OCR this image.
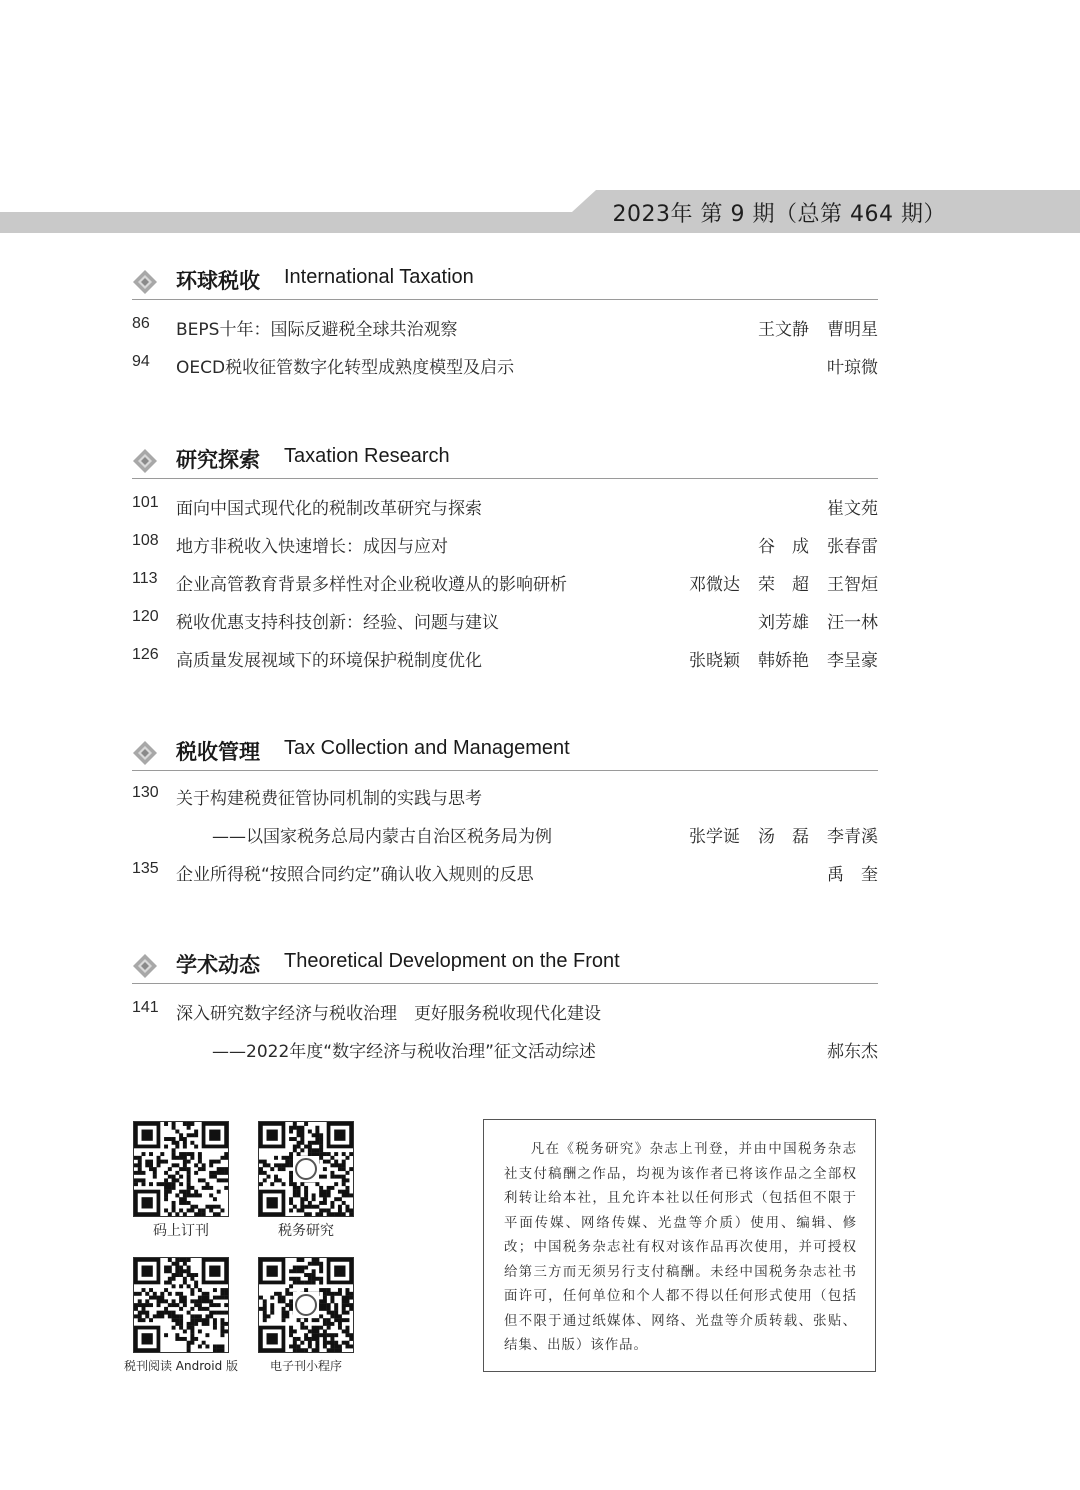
2023年 第 9 期（总第 464 期）
环球税收 International Taxation
86 BEPS十年：国际反避税全球共治观察	王文静 曹明星
94 OECD税收征管数字化转型成熟度模型及启示	叶琼微
研究探索 Taxation Research
101 面向中国式现代化的税制改革研究与探索	崔文苑
108 地方非税收入快速增长：成因与应对	谷　成 张春雷
113 企业高管教育背景多样性对企业税收遵从的影响研析	邓微达 荣　超 王智烜
120 税收优惠支持科技创新：经验、问题与建议	刘芳雄 汪一林
126 高质量发展视域下的环境保护税制度优化	张晓颖 韩娇艳 李呈豪
税收管理 Tax Collection and Management
130 关于构建税费征管协同机制的实践与思考
——以国家税务总局内蒙古自治区税务局为例	张学诞 汤　磊 李青溪
135 企业所得税“按照合同约定”确认收入规则的反思	禹　奎
学术动态 Theoretical Development on the Front
141 深入研究数字经济与税收治理　更好服务税收现代化建设
——2022年度“数字经济与税收治理”征文活动综述	郝东杰
码上订刊	税务研究
税刊阅读 Android 版	电子刊小程序
凡在《税务研究》杂志上刊登，并由中国税务杂志社支付稿酬之作品，均视为该作者已将该作品之全部权利转让给本社，且允许本社以任何形式（包括但不限于平面传媒、网络传媒、光盘等介质）使用、编辑、修改；中国税务杂志社有权对该作品再次使用，并可授权给第三方而无须另行支付稿酬。未经中国税务杂志社书面许可，任何单位和个人都不得以任何形式使用（包括但不限于通过纸媒体、网络、光盘等介质转载、张贴、结集、出版）该作品。
